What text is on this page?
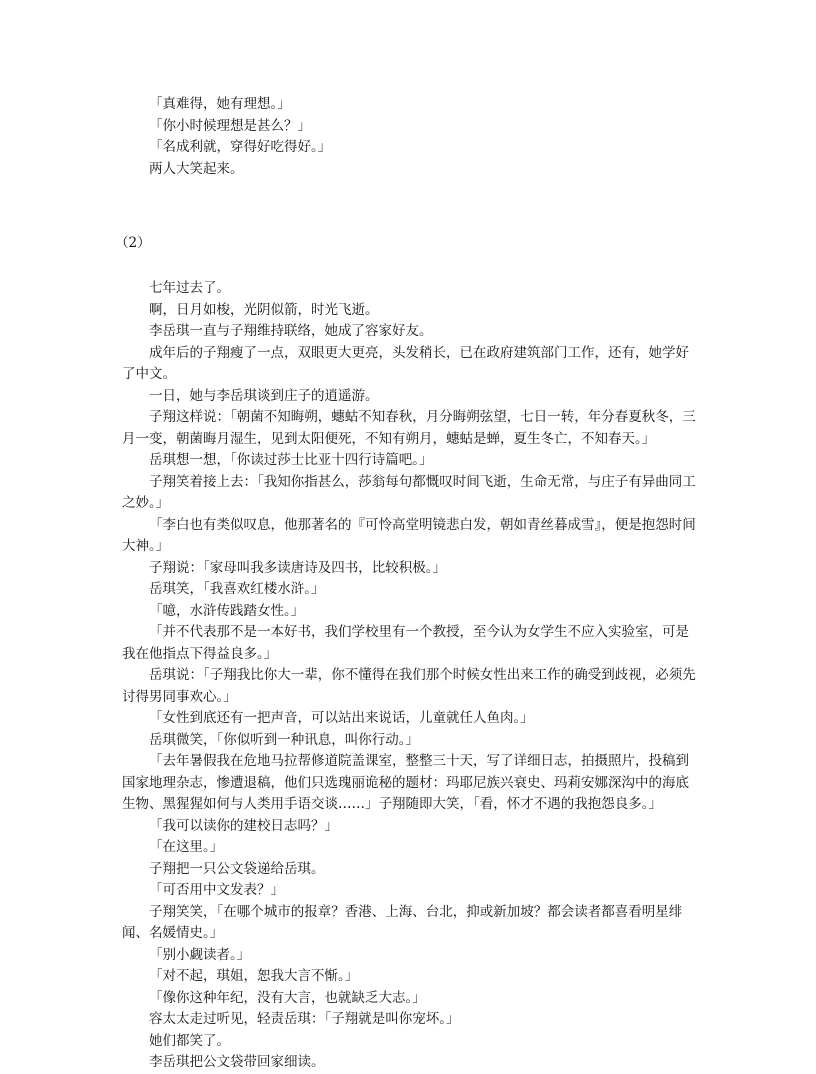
「真难得，她有理想。」

「你小时候理想是甚么？」

「名成利就，穿得好吃得好。」

两人大笑起来。

（2）

七年过去了。

啊，日月如梭，光阴似箭，时光飞逝。

李岳琪一直与子翔维持联络，她成了容家好友。

成年后的子翔瘦了一点，双眼更大更亮，头发稍长，已在政府建筑部门工作，还有，她学好了中文。

一日，她与李岳琪谈到庄子的逍遥游。

子翔这样说：「朝菌不知晦朔，蟪蛄不知春秋，月分晦朔弦望，七日一转，年分春夏秋冬，三月一变，朝菌晦月湿生，见到太阳便死，不知有朔月，蟪蛄是蝉，夏生冬亡，不知春天。」

岳琪想一想，「你读过莎士比亚十四行诗篇吧。」

子翔笑着接上去：「我知你指甚么，莎翁每句都慨叹时间飞逝，生命无常，与庄子有异曲同工之妙。」

「李白也有类似叹息，他那著名的『可怜高堂明镜悲白发，朝如青丝暮成雪』，便是抱怨时间大神。」

子翔说：「家母叫我多读唐诗及四书，比较积极。」

岳琪笑，「我喜欢红楼水浒。」

「噫，水浒传践踏女性。」

「并不代表那不是一本好书，我们学校里有一个教授，至今认为女学生不应入实验室，可是我在他指点下得益良多。」

岳琪说：「子翔我比你大一辈，你不懂得在我们那个时候女性出来工作的确受到歧视，必须先讨得男同事欢心。」

「女性到底还有一把声音，可以站出来说话，儿童就任人鱼肉。」

岳琪微笑，「你似听到一种讯息，叫你行动。」

「去年暑假我在危地马拉帮修道院盖课室，整整三十天，写了详细日志，拍摄照片，投稿到国家地理杂志，惨遭退稿，他们只选瑰丽诡秘的题材：玛耶尼族兴衰史、玛莉安娜深沟中的海底生物、黑猩猩如何与人类用手语交谈……」子翔随即大笑，「看，怀才不遇的我抱怨良多。」

「我可以读你的建校日志吗？」

「在这里。」

子翔把一只公文袋递给岳琪。

「可否用中文发表？」

子翔笑笑，「在哪个城市的报章？香港、上海、台北，抑或新加坡？都会读者都喜看明星绯闻、名媛情史。」

「别小觑读者。」

「对不起，琪姐，恕我大言不惭。」

「像你这种年纪，没有大言，也就缺乏大志。」

容太太走过听见，轻责岳琪：「子翔就是叫你宠坏。」

她们都笑了。

李岳琪把公文袋带回家细读。
